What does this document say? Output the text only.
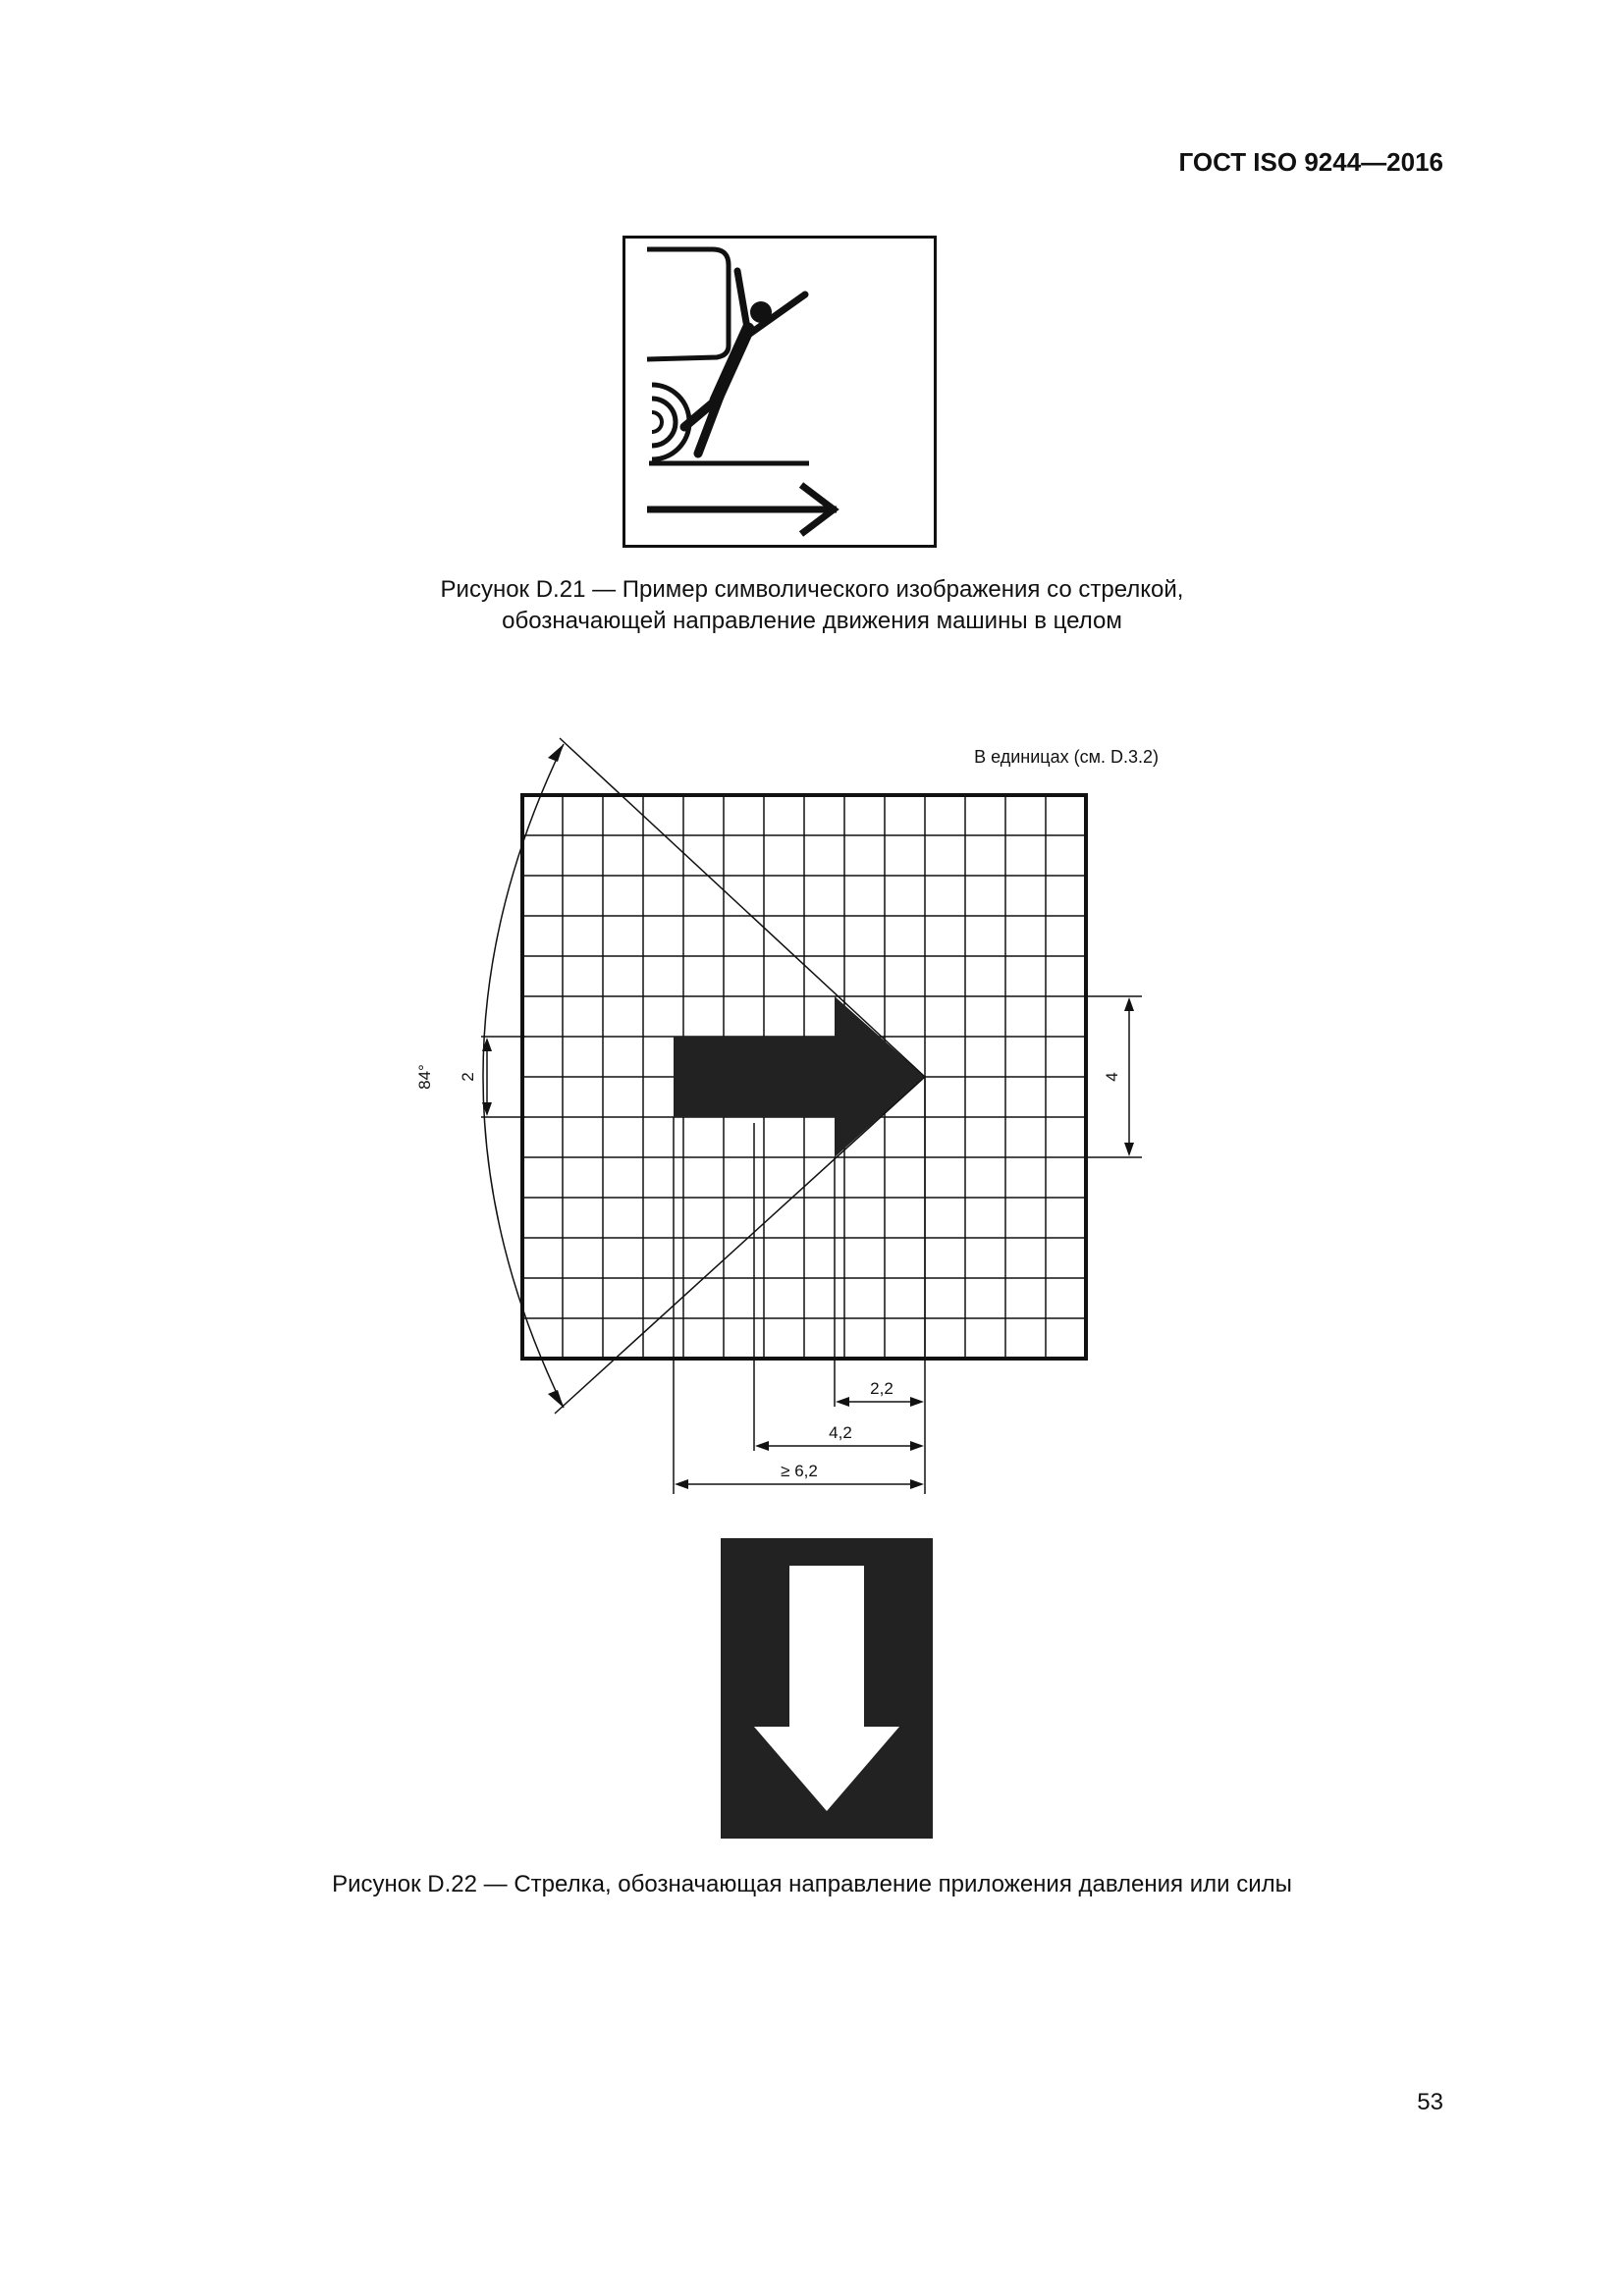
ГОСТ ISO 9244—2016
Рисунок D.21 — Пример символического изображения со стрелкой,
обозначающей направление движения машины в целом
В единицах (см. D.3.2)
84° 2	4
2,2
4,2
≥ 6,2
Рисунок D.22 — Стрелка, обозначающая направление приложения давления или силы
53
